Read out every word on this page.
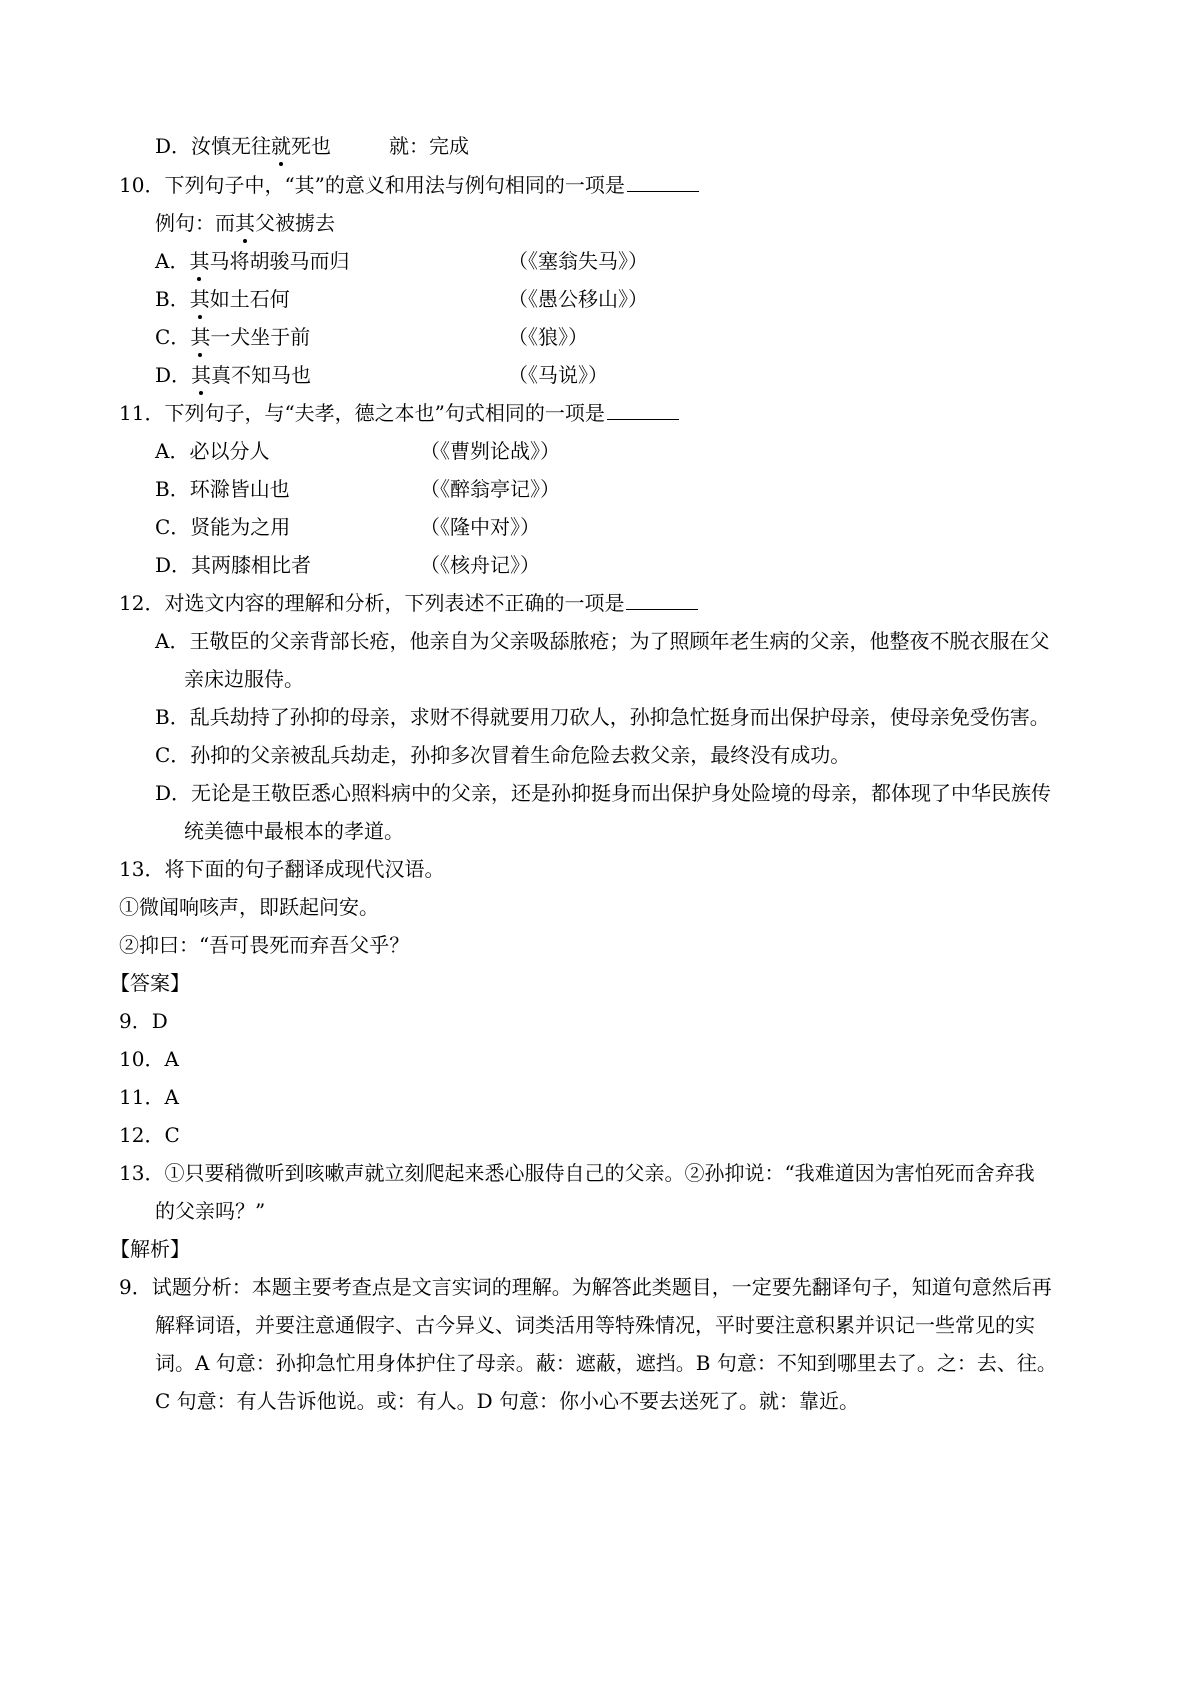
D．汝慎无往就死也	就：完成
10．下列句子中，“其”的意义和用法与例句相同的一项是
例句：而其父被掳去
A．其马将胡骏马而归	（《塞翁失马》）
B．其如土石何	（《愚公移山》）
C．其一犬坐于前	（《狼》）
D．其真不知马也	（《马说》）
11．下列句子，与“夫孝，德之本也”句式相同的一项是
A．必以分人	（《曹刿论战》）
B．环滁皆山也	（《醉翁亭记》）
C．贤能为之用	（《隆中对》）
D．其两膝相比者	（《核舟记》）
12．对选文内容的理解和分析，下列表述不正确的一项是
A．王敬臣的父亲背部长疮，他亲自为父亲吸舔脓疮；为了照顾年老生病的父亲，他整夜不脱衣服在父
亲床边服侍。
B．乱兵劫持了孙抑的母亲，求财不得就要用刀砍人，孙抑急忙挺身而出保护母亲，使母亲免受伤害。
C．孙抑的父亲被乱兵劫走，孙抑多次冒着生命危险去救父亲，最终没有成功。
D．无论是王敬臣悉心照料病中的父亲，还是孙抑挺身而出保护身处险境的母亲，都体现了中华民族传
统美德中最根本的孝道。
13．将下面的句子翻译成现代汉语。
①微闻响咳声，即跃起问安。
②抑曰：“吾可畏死而弃吾父乎？
【答案】
9．D
10．A
11．A
12．C
13．①只要稍微听到咳嗽声就立刻爬起来悉心服侍自己的父亲。②孙抑说：“我难道因为害怕死而舍弃我
的父亲吗？”
【解析】
9．试题分析：本题主要考查点是文言实词的理解。为解答此类题目，一定要先翻译句子，知道句意然后再
解释词语，并要注意通假字、古今异义、词类活用等特殊情况，平时要注意积累并识记一些常见的实
词。A 句意：孙抑急忙用身体护住了母亲。蔽：遮蔽，遮挡。B 句意：不知到哪里去了。之：去、往。
C 句意：有人告诉他说。或：有人。D 句意：你小心不要去送死了。就：靠近。
